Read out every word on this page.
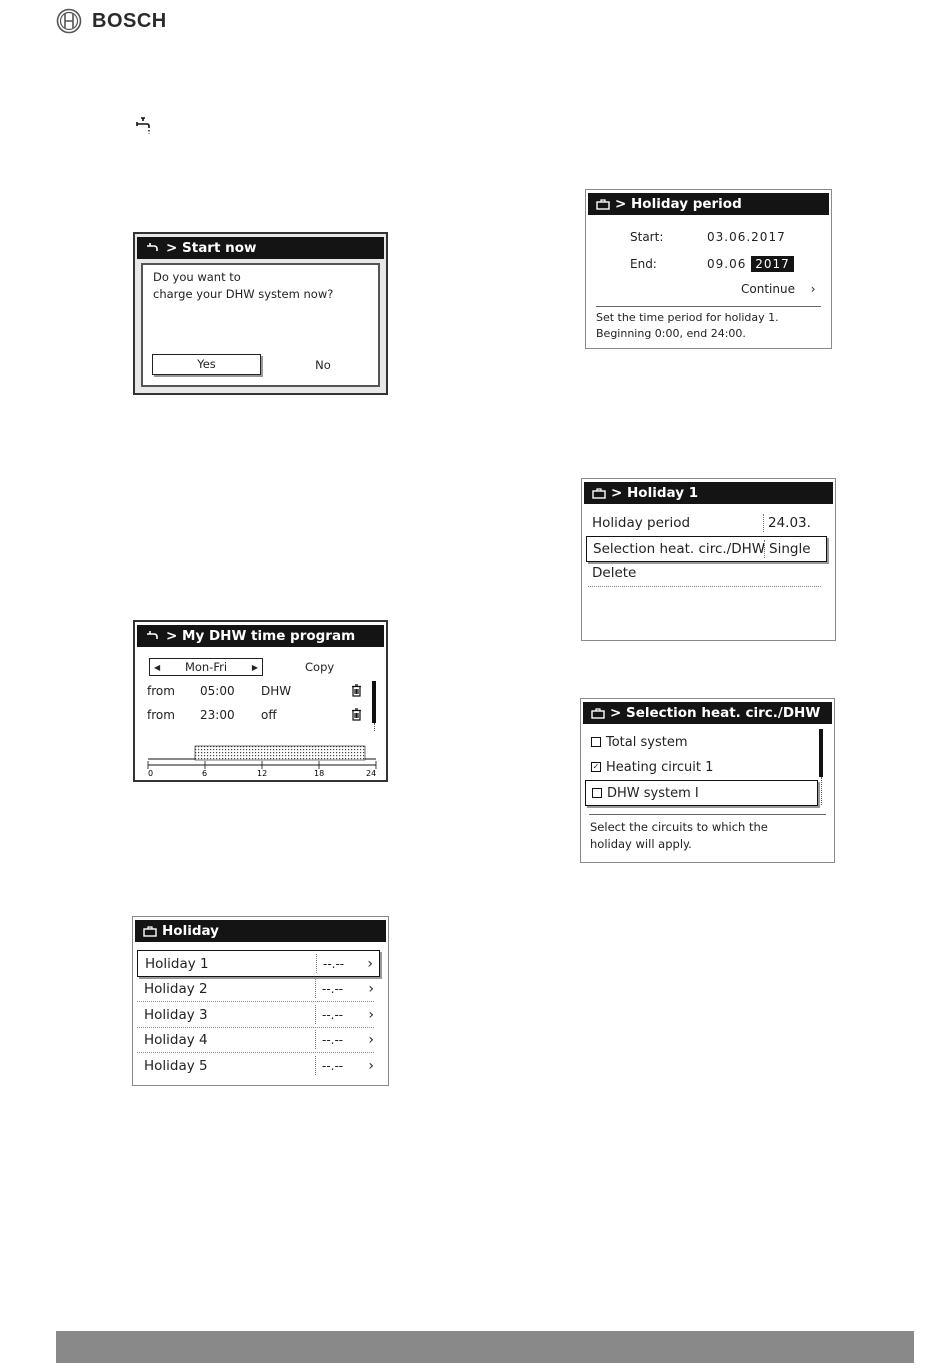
BOSCH
> Start now
Do you want to
charge your DHW system now?
Yes	No
> My DHW time program
◀ Mon-Fri	▶	Copy
from 05:00 DHW
from 23:00 off
0	6	12	18	24
Holiday
Holiday 1	--.-- ›
Holiday 2	--.-- ›
Holiday 3	--.-- ›
Holiday 4	--.-- ›
Holiday 5	--.-- ›
> Holiday period
Start:	03.06.2017
End:	09.06 2017
Continue ›
Set the time period for holiday 1.
Beginning 0:00, end 24:00.
> Holiday 1
Holiday period	24.03.
Selection heat. circ./DHW Single
Delete
> Selection heat. circ./DHW
Total system
✓ Heating circuit 1
DHW system I
Select the circuits to which the
holiday will apply.
